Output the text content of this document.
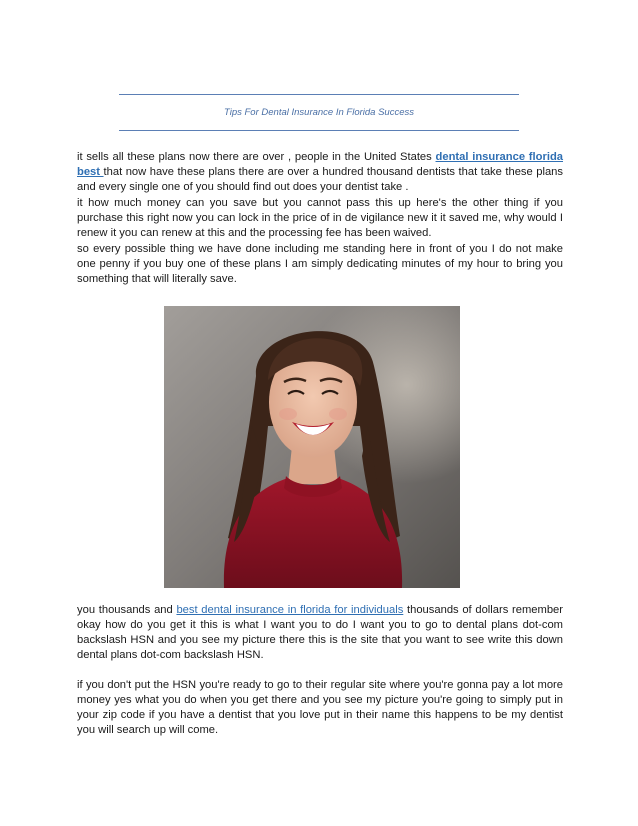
Tips For Dental Insurance In Florida Success

it sells all these plans now there are over , people in the United States dental insurance florida best that now have these plans there are over a hundred thousand dentists that take these plans and every single one of you should find out does your dentist take .

it how much money can you save but you cannot pass this up here's the other thing if you purchase this right now you can lock in the price of in de vigilance new it it saved me, why would I renew it you can renew at this and the processing fee has been waived.

so every possible thing we have done including me standing here in front of you I do not make one penny if you buy one of these plans I am simply dedicating minutes of my hour to bring you something that will literally save.

you thousands and best dental insurance in florida for individuals thousands of dollars remember okay how do you get it this is what I want you to do I want you to go to dental plans dot-com backslash HSN and you see my picture there this is the site that you want to see write this down dental plans dot-com backslash HSN.

if you don't put the HSN you're ready to go to their regular site where you're gonna pay a lot more money yes what you do when you get there and you see my picture you're going to simply put in your zip code if you have a dentist that you love put in their name this happens to be my dentist you will search up will come.
